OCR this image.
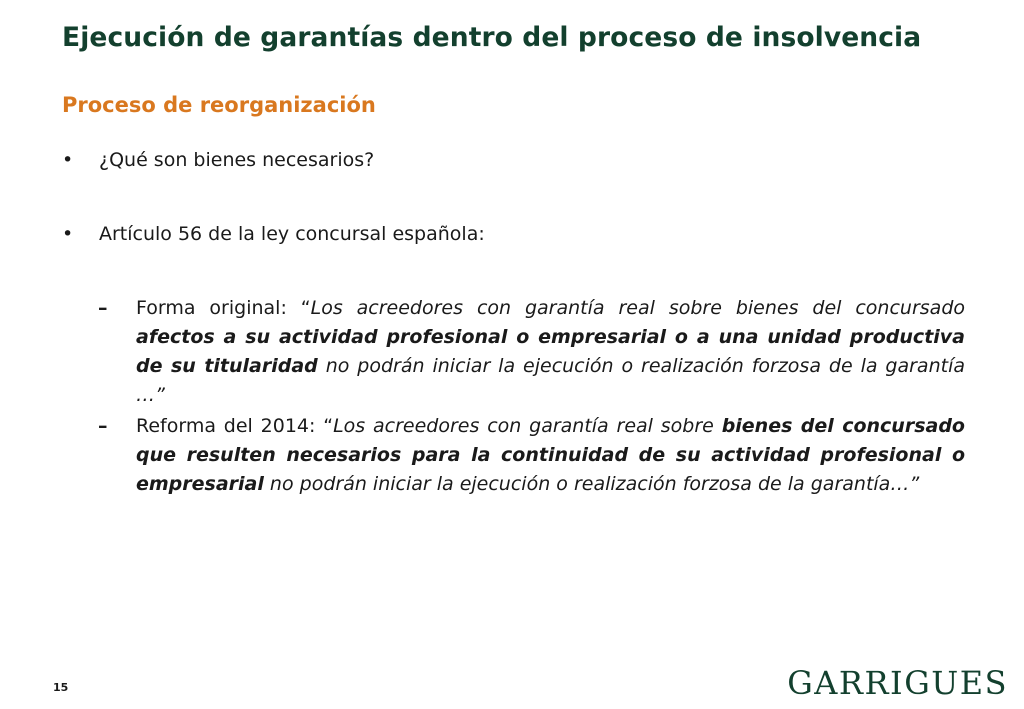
Ejecución de garantías dentro del proceso de insolvencia
Proceso de reorganización
• ¿Qué son bienes necesarios?
• Artículo 56 de la ley concursal española:
– Forma original: “Los acreedores con garantía real sobre bienes del concursado afectos a su actividad profesional o empresarial o a una unidad productiva de su titularidad no podrán iniciar la ejecución o realización forzosa de la garantía …”
– Reforma del 2014: “Los acreedores con garantía real sobre bienes del concursado que resulten necesarios para la continuidad de su actividad profesional o empresarial no podrán iniciar la ejecución o realización forzosa de la garantía…”
15	GARRIGUES
